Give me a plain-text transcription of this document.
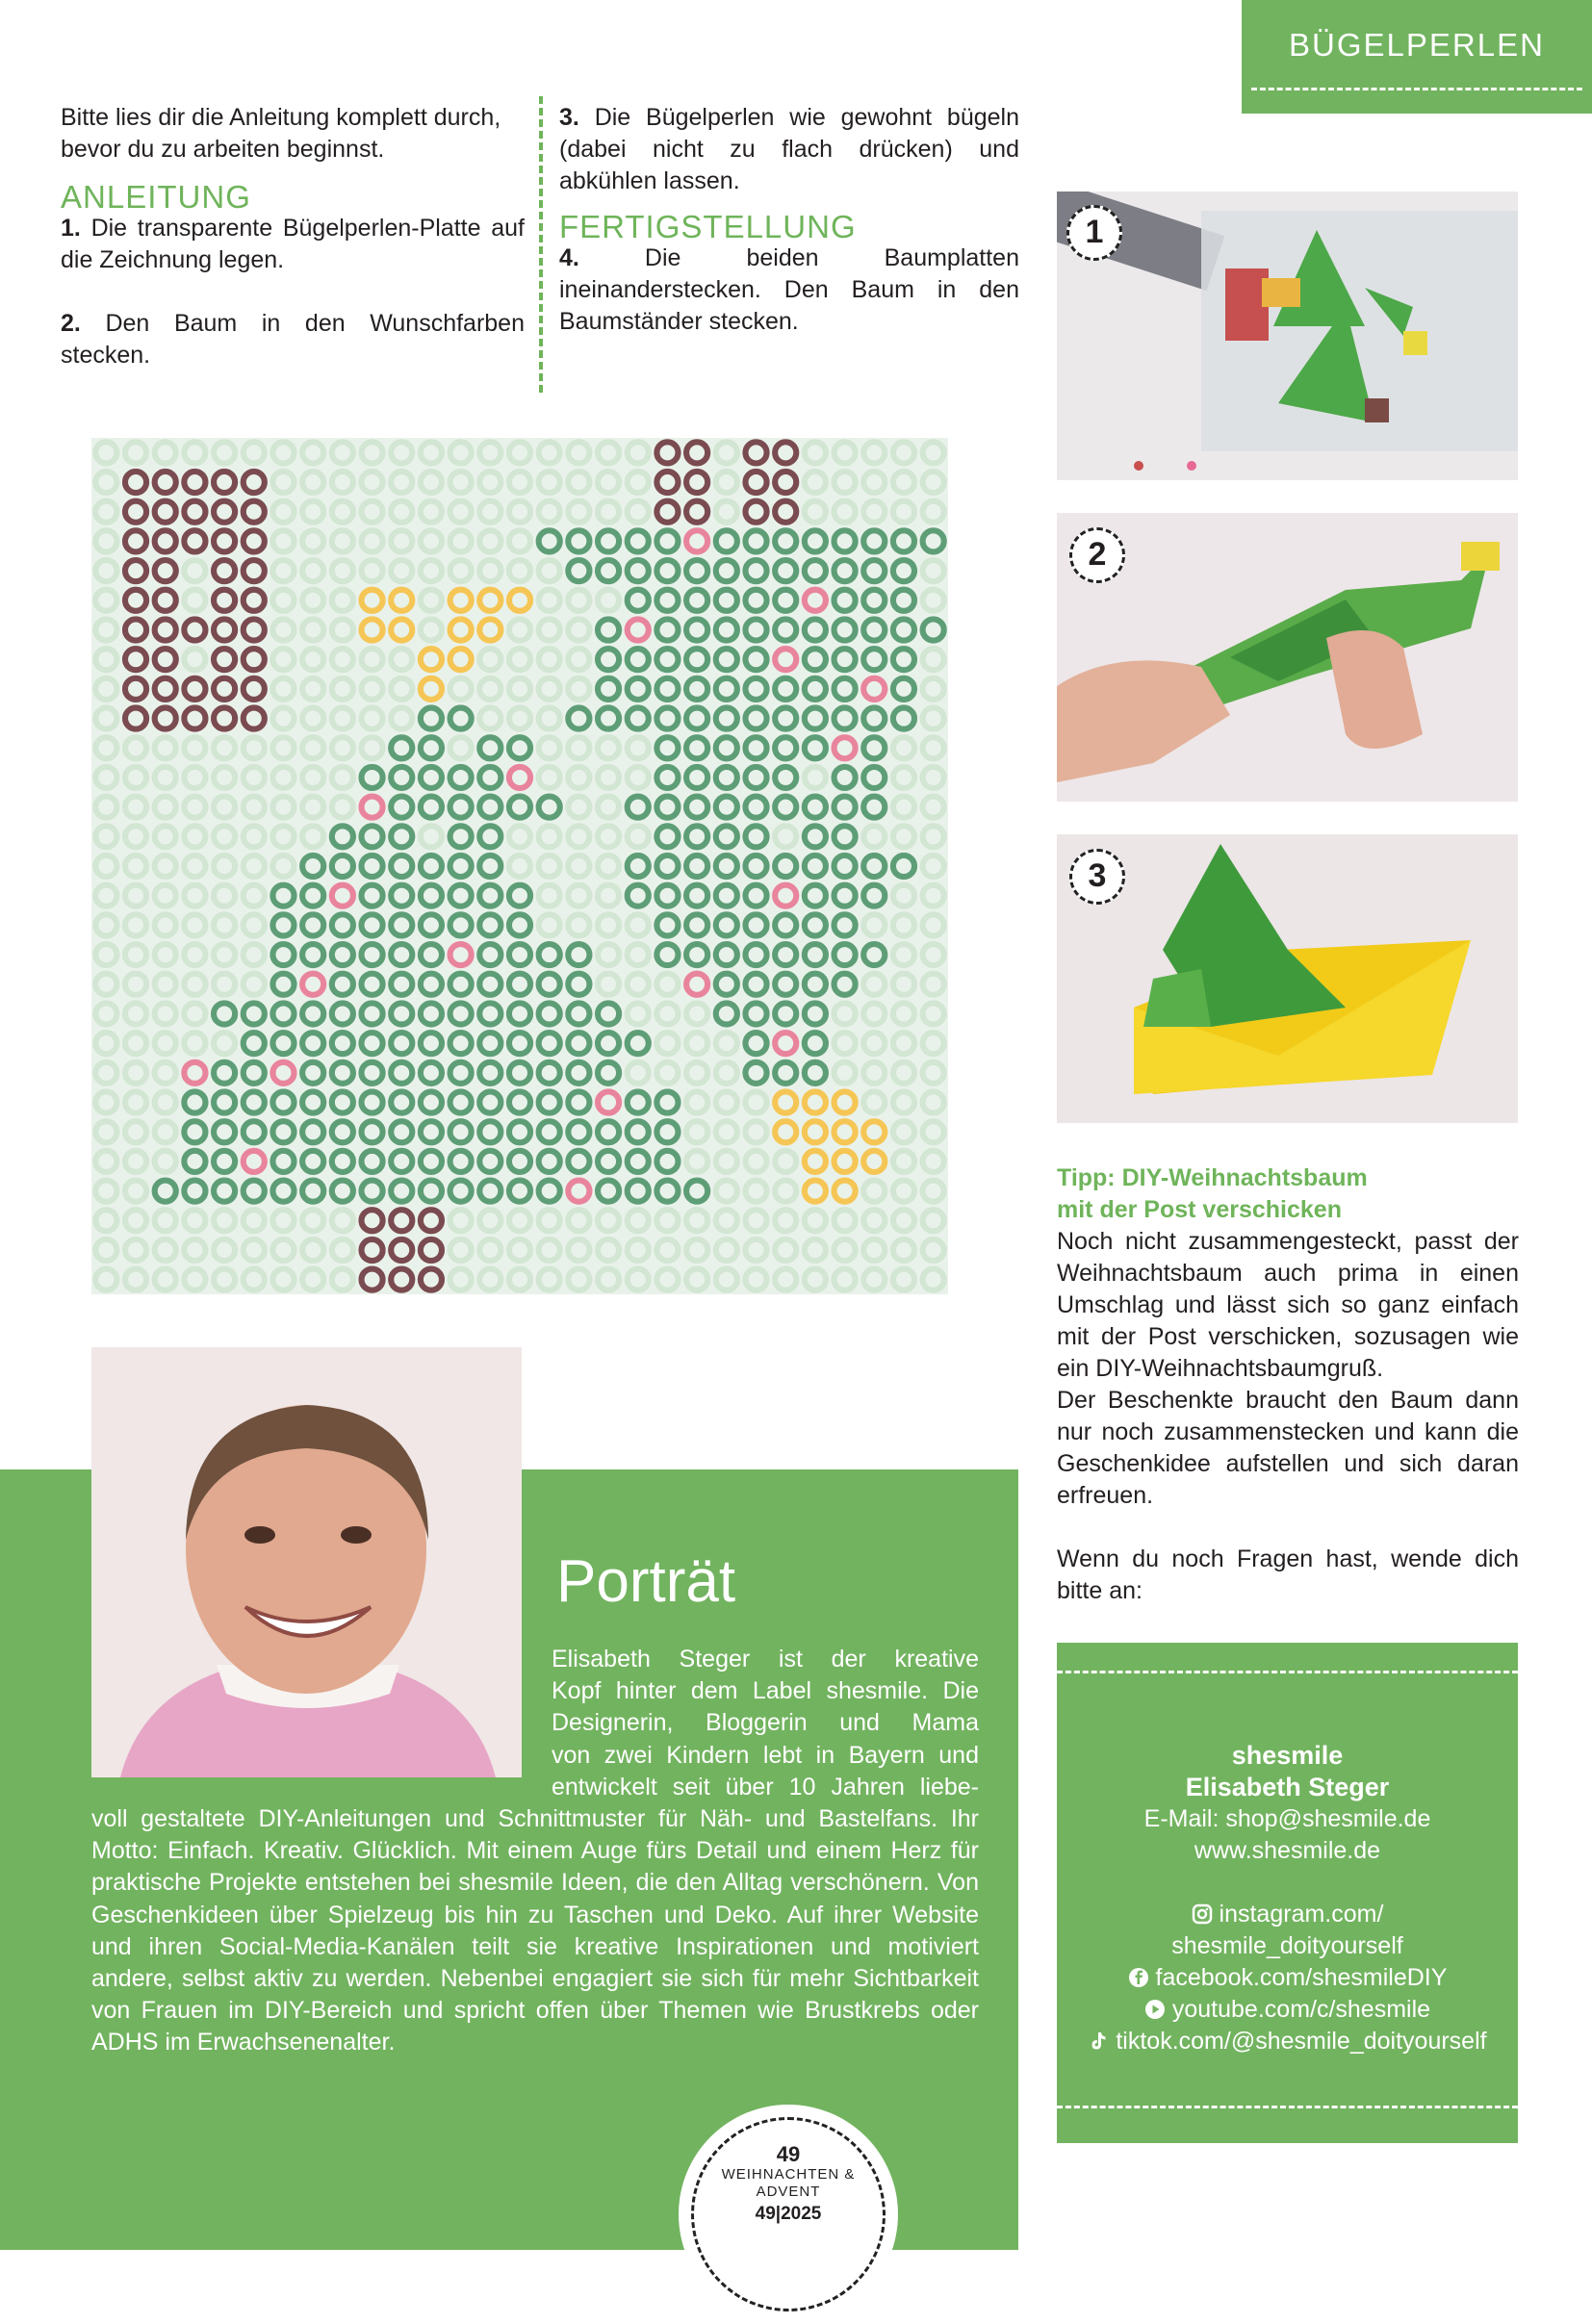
BÜGELPERLEN
Bitte lies dir die Anleitung komplett durch, bevor du zu arbeiten beginnst.
ANLEITUNG
1. Die transparente Bügelperlen-Platte auf die Zeichnung legen.
2. Den Baum in den Wunschfarben stecken.
3. Die Bügelperlen wie gewohnt bügeln (dabei nicht zu flach drücken) und abkühlen lassen.
FERTIGSTELLUNG
4.	Die beiden Baumplatten ineinanderstecken. Den Baum in den Baumständer stecken.
1
2
3
Porträt
Elisabeth Steger ist der kreative
Kopf hinter dem Label shesmile. Die
Designerin, Bloggerin und Mama
von zwei Kindern lebt in Bayern und
entwickelt seit über 10 Jahren liebe-
voll gestaltete DIY-Anleitungen und Schnittmuster für Näh- und Bastelfans. Ihr Motto: Einfach. Kreativ. Glücklich. Mit einem Auge fürs Detail und einem Herz für praktische Projekte entstehen bei shesmile Ideen, die den Alltag verschönern. Von Geschenkideen über Spielzeug bis hin zu Taschen und Deko. Auf ihrer Website und ihren Social-Media-Kanälen teilt sie kreative Inspirationen und motiviert andere, selbst aktiv zu werden. Nebenbei engagiert sie sich für mehr Sichtbarkeit von Frauen im DIY-Bereich und spricht offen über Themen wie Brustkrebs oder ADHS im Erwachsenenalter.
Tipp: DIY-Weihnachtsbaum
mit der Post verschicken
Noch nicht zusammengesteckt, passt der Weihnachtsbaum auch prima in einen Umschlag und lässt sich so ganz einfach mit der Post verschicken, sozusagen wie ein DIY-Weihnachtsbaumgruß.
Der Beschenkte braucht den Baum dann nur noch zusammenstecken und kann die Geschenkidee aufstellen und sich daran erfreuen.
Wenn du noch Fragen hast, wende dich bitte an:
shesmile
Elisabeth Steger
E-Mail: shop@shesmile.de
www.shesmile.de
instagram.com/
shesmile_doityourself
facebook.com/shesmileDIY
youtube.com/c/shesmile
tiktok.com/@shesmile_doityourself
49
WEIHNACHTEN &
ADVENT
49|2025
